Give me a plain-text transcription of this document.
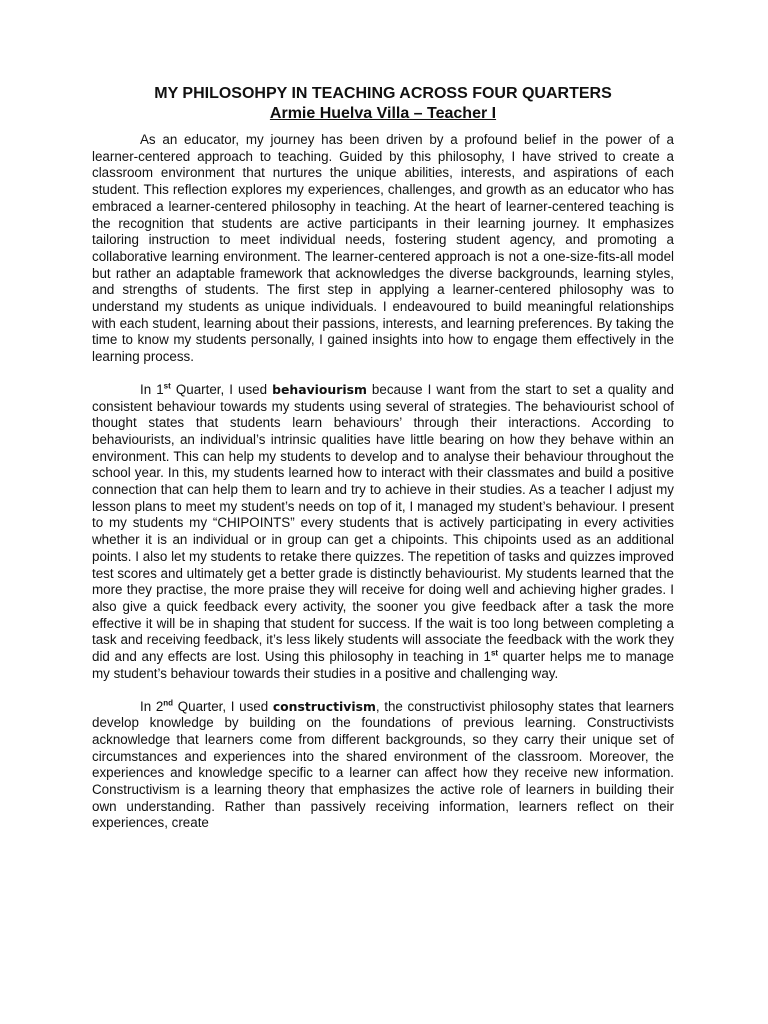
MY PHILOSOHPY IN TEACHING ACROSS FOUR QUARTERS

Armie Huelva Villa – Teacher I

As an educator, my journey has been driven by a profound belief in the power of a learner-centered approach to teaching. Guided by this philosophy, I have strived to create a classroom environment that nurtures the unique abilities, interests, and aspirations of each student. This reflection explores my experiences, challenges, and growth as an educator who has embraced a learner-centered philosophy in teaching. At the heart of learner-centered teaching is the recognition that students are active participants in their learning journey. It emphasizes tailoring instruction to meet individual needs, fostering student agency, and promoting a collaborative learning environment. The learner-centered approach is not a one-size-fits-all model but rather an adaptable framework that acknowledges the diverse backgrounds, learning styles, and strengths of students. The first step in applying a learner-centered philosophy was to understand my students as unique individuals. I endeavoured to build meaningful relationships with each student, learning about their passions, interests, and learning preferences. By taking the time to know my students personally, I gained insights into how to engage them effectively in the learning process.

In 1st Quarter, I used behaviourism because I want from the start to set a quality and consistent behaviour towards my students using several of strategies. The behaviourist school of thought states that students learn behaviours’ through their interactions. According to behaviourists, an individual’s intrinsic qualities have little bearing on how they behave within an environment. This can help my students to develop and to analyse their behaviour throughout the school year. In this, my students learned how to interact with their classmates and build a positive connection that can help them to learn and try to achieve in their studies. As a teacher I adjust my lesson plans to meet my student’s needs on top of it, I managed my student’s behaviour. I present to my students my “CHIPOINTS” every students that is actively participating in every activities whether it is an individual or in group can get a chipoints. This chipoints used as an additional points. I also let my students to retake there quizzes. The repetition of tasks and quizzes improved test scores and ultimately get a better grade is distinctly behaviourist. My students learned that the more they practise, the more praise they will receive for doing well and achieving higher grades. I also give a quick feedback every activity, the sooner you give feedback after a task the more effective it will be in shaping that student for success. If the wait is too long between completing a task and receiving feedback, it’s less likely students will associate the feedback with the work they did and any effects are lost. Using this philosophy in teaching in 1st quarter helps me to manage my student’s behaviour towards their studies in a positive and challenging way.

In 2nd Quarter, I used constructivism, the constructivist philosophy states that learners develop knowledge by building on the foundations of previous learning. Constructivists acknowledge that learners come from different backgrounds, so they carry their unique set of circumstances and experiences into the shared environment of the classroom. Moreover, the experiences and knowledge specific to a learner can affect how they receive new information. Constructivism is a learning theory that emphasizes the active role of learners in building their own understanding. Rather than passively receiving information, learners reflect on their experiences, create
